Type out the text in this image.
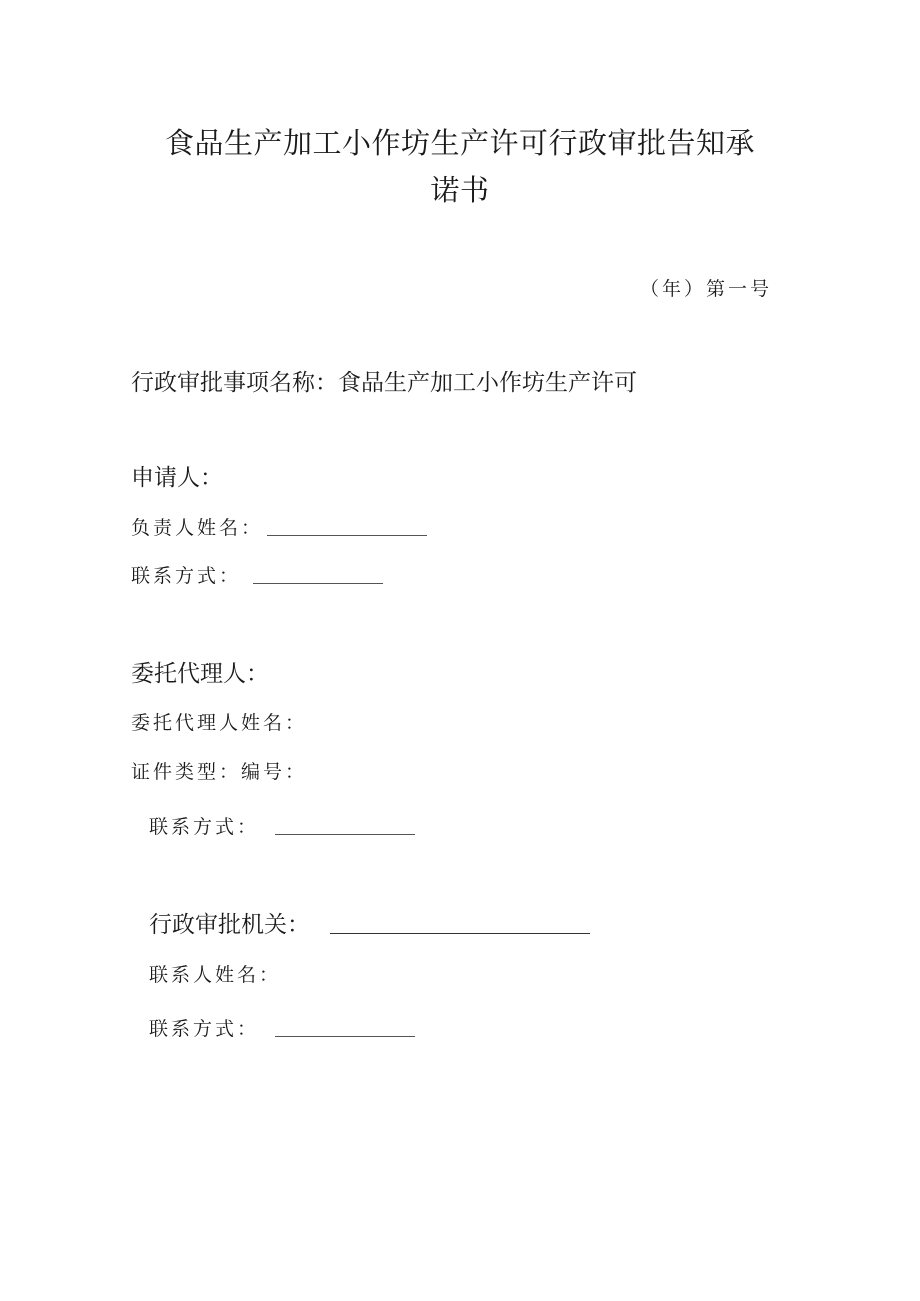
食品生产加工小作坊生产许可行政审批告知承
诺书
（年）第一号
行政审批事项名称：食品生产加工小作坊生产许可
申请人：
负责人姓名：
联系方式：
委托代理人：
委托代理人姓名：
证件类型：编号：
联系方式：
行政审批机关：
联系人姓名：
联系方式：
